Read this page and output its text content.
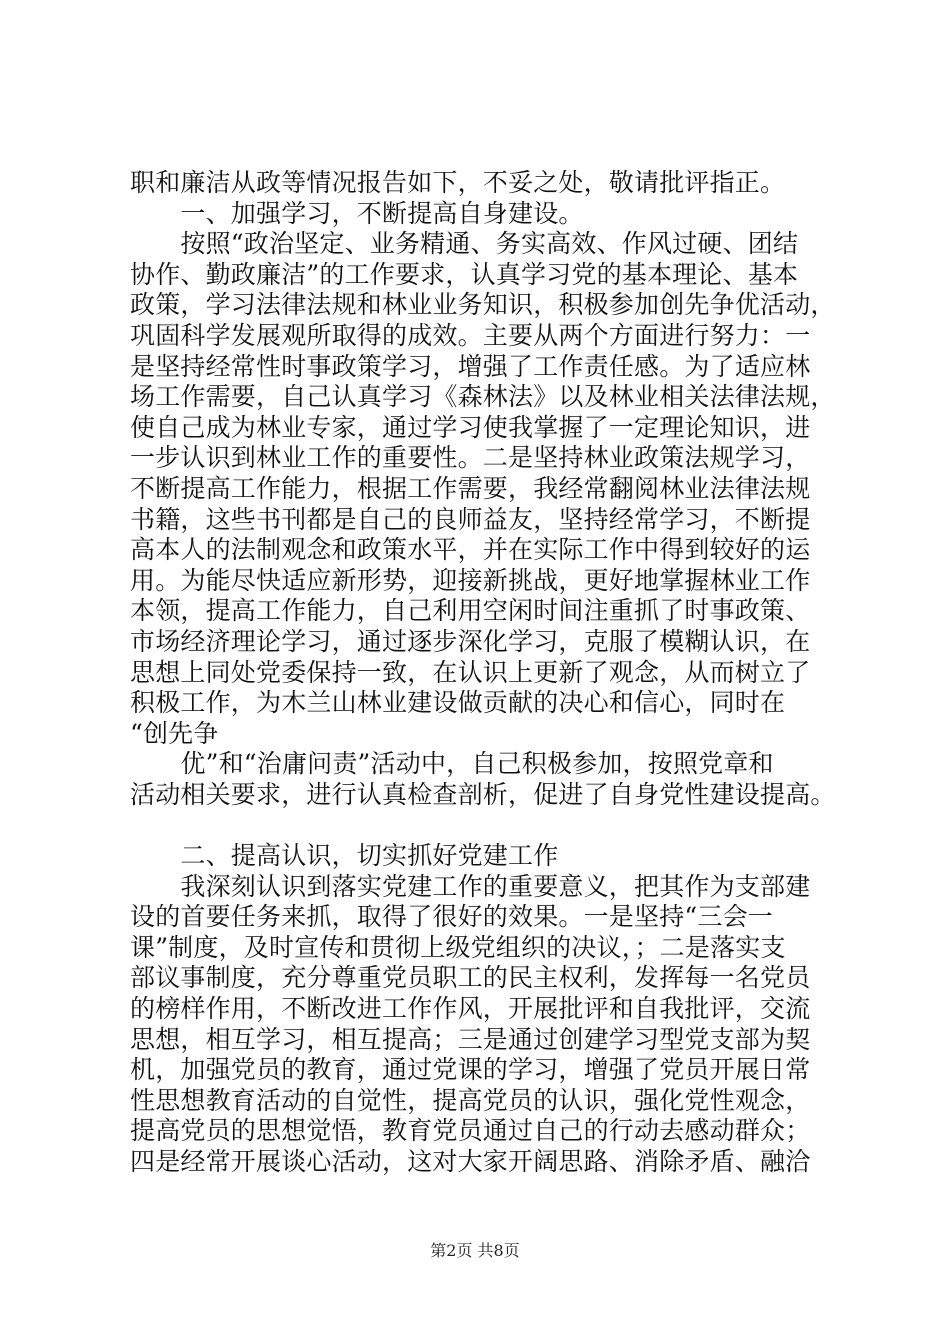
职和廉洁从政等情况报告如下，不妥之处，敬请批评指正。
　　一、加强学习，不断提高自身建设。
　　按照“政治坚定、业务精通、务实高效、作风过硬、团结
协作、勤政廉洁”的工作要求，认真学习党的基本理论、基本
政策，学习法律法规和林业业务知识，积极参加创先争优活动，
巩固科学发展观所取得的成效。主要从两个方面进行努力：一
是坚持经常性时事政策学习，增强了工作责任感。为了适应林
场工作需要，自己认真学习《森林法》以及林业相关法律法规，
使自己成为林业专家，通过学习使我掌握了一定理论知识，进
一步认识到林业工作的重要性。二是坚持林业政策法规学习，
不断提高工作能力，根据工作需要，我经常翻阅林业法律法规
书籍，这些书刊都是自己的良师益友，坚持经常学习，不断提
高本人的法制观念和政策水平，并在实际工作中得到较好的运
用。为能尽快适应新形势，迎接新挑战，更好地掌握林业工作
本领，提高工作能力，自己利用空闲时间注重抓了时事政策、
市场经济理论学习，通过逐步深化学习，克服了模糊认识，在
思想上同处党委保持一致，在认识上更新了观念，从而树立了
积极工作，为木兰山林业建设做贡献的决心和信心，同时在
“创先争
　　优”和“治庸问责”活动中，自己积极参加，按照党章和
活动相关要求，进行认真检查剖析，促进了自身党性建设提高。
　　二、提高认识，切实抓好党建工作
　　我深刻认识到落实党建工作的重要意义，把其作为支部建
设的首要任务来抓，取得了很好的效果。一是坚持“三会一
课”制度，及时宣传和贯彻上级党组织的决议，；二是落实支
部议事制度，充分尊重党员职工的民主权利，发挥每一名党员
的榜样作用，不断改进工作作风，开展批评和自我批评，交流
思想，相互学习，相互提高；三是通过创建学习型党支部为契
机，加强党员的教育，通过党课的学习，增强了党员开展日常
性思想教育活动的自觉性，提高党员的认识，强化党性观念，
提高党员的思想觉悟，教育党员通过自己的行动去感动群众；
四是经常开展谈心活动，这对大家开阔思路、消除矛盾、融洽
第2页 共8页
